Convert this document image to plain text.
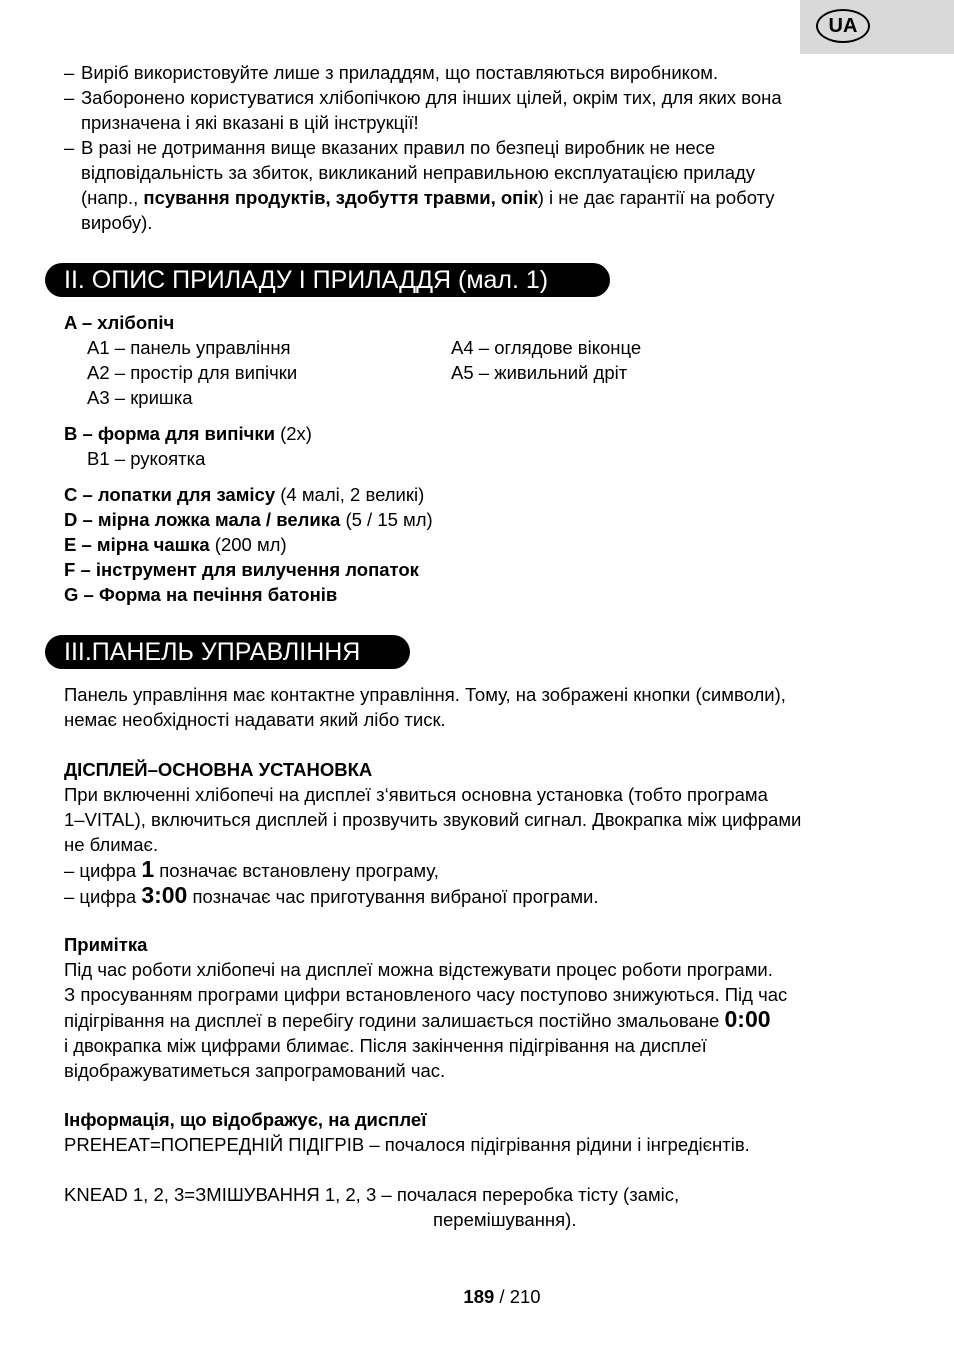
UA
– Виріб використовуйте лише з приладдям, що поставляються виробником.
– Заборонено користуватися хлібопічкою для інших цілей, окрім тих, для яких вона
призначена і які вказані в цій інструкції!
– В разі не дотримання вище вказаних правил по безпеці виробник не несе
відповідальність за збиток, викликаний неправильною експлуатацією приладу
(напр., псування продуктів, здобуття травми, опік) і не дає гарантії на роботу
виробу).
II. ОПИС ПРИЛАДУ І ПРИЛАДДЯ (мал. 1)
A – хлібопіч
A1 – панель управління
A2 – простір для випічки
A3 – кришка
A4 – оглядове віконце
A5 – живильний дріт
B – форма для випічки (2x)
B1 – рукоятка
C – лопатки для замісу (4 малі, 2 великі)
D – мірна ложка мала / велика (5 / 15 мл)
E – мірна чашка (200 мл)
F – інструмент для вилучення лопаток
G – Форма на печіння батонів
III.ПАНЕЛЬ УПРАВЛІННЯ
Панель управління має контактне управління. Тому, на зображені кнопки (символи),
немає необхідності надавати який лібо тиск.
ДІСПЛЕЙ–ОСНОВНА УСТАНОВКА
При включенні хлібопечі на дисплеї з‘явиться основна установка (тобто програма
1–VITAL), включиться дисплей і прозвучить звуковий сигнал. Двокрапка між цифрами
не блимає.
– цифра 1 позначає встановлену програму,
– цифра 3:00 позначає час приготування вибраної програми.
Примітка
Під час роботи хлібопечі на дисплеї можна відстежувати процес роботи програми.
З просуванням програми цифри встановленого часу поступово знижуються. Під час
підігрівання на дисплеї в перебігу години залишається постійно змальоване 0:00
і двокрапка між цифрами блимає. Після закінчення підігрівання на дисплеї
відображуватиметься запрограмований час.
Інформація, що відображує, на дисплеї
PREHEAT=ПОПЕРЕДНІЙ ПІДІГРІВ – почалося підігрівання рідини і інгредієнтів.
KNEAD 1, 2, 3=ЗМІШУВАННЯ 1, 2, 3 – почалася переробка тісту (заміс,
перемішування).
189 / 210
